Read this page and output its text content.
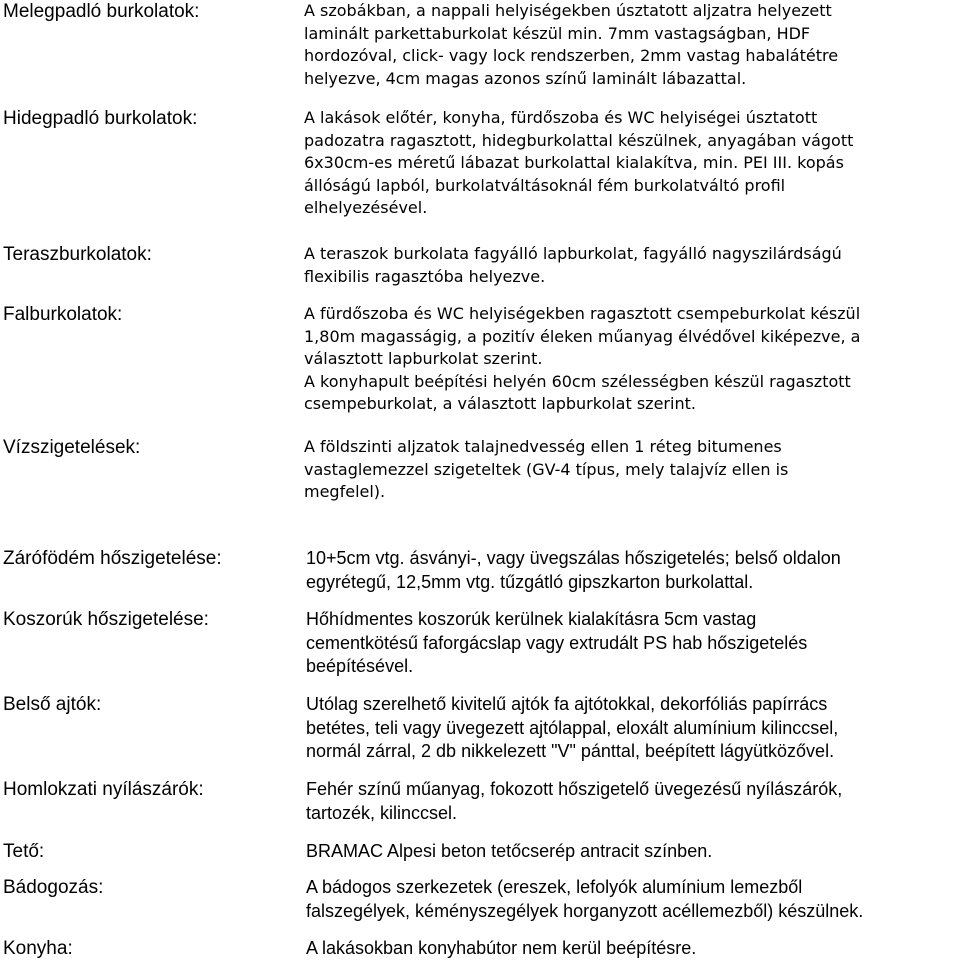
Melegpadló burkolatok:	A szobákban, a nappali helyiségekben úsztatott aljzatra helyezett
laminált parkettaburkolat készül min. 7mm vastagságban, HDF
hordozóval, click- vagy lock rendszerben, 2mm vastag habalátétre
helyezve, 4cm magas azonos színű laminált lábazattal.
Hidegpadló burkolatok:	A lakások előtér, konyha, fürdőszoba és WC helyiségei úsztatott
padozatra ragasztott, hidegburkolattal készülnek, anyagában vágott
6x30cm-es méretű lábazat burkolattal kialakítva, min. PEI III. kopás
állóságú lapból, burkolatváltásoknál fém burkolatváltó profil
elhelyezésével.
Teraszburkolatok:	A teraszok burkolata fagyálló lapburkolat, fagyálló nagyszilárdságú
flexibilis ragasztóba helyezve.
Falburkolatok:	A fürdőszoba és WC helyiségekben ragasztott csempeburkolat készül
1,80m magasságig, a pozitív éleken műanyag élvédővel kiképezve, a
választott lapburkolat szerint.
A konyhapult beépítési helyén 60cm szélességben készül ragasztott
csempeburkolat, a választott lapburkolat szerint.
Vízszigetelések:	A földszinti aljzatok talajnedvesség ellen 1 réteg bitumenes
vastaglemezzel szigeteltek (GV-4 típus, mely talajvíz ellen is
megfelel).
Zárófödém hőszigetelése:	10+5cm vtg. ásványi-, vagy üvegszálas hőszigetelés; belső oldalon
egyrétegű, 12,5mm vtg. tűzgátló gipszkarton burkolattal.
Koszorúk hőszigetelése:	Hőhídmentes koszorúk kerülnek kialakításra 5cm vastag
cementkötésű faforgácslap vagy extrudált PS hab hőszigetelés
beépítésével.
Belső ajtók:	Utólag szerelhető kivitelű ajtók fa ajtótokkal, dekorfóliás papírrács
betétes, teli vagy üvegezett ajtólappal, eloxált alumínium kilinccsel,
normál zárral, 2 db nikkelezett "V" pánttal, beépített lágyütközővel.
Homlokzati nyílászárók:	Fehér színű műanyag, fokozott hőszigetelő üvegezésű nyílászárók,
tartozék, kilinccsel.
Tető:	BRAMAC Alpesi beton tetőcserép antracit színben.
Bádogozás:	A bádogos szerkezetek (ereszek, lefolyók alumínium lemezből
falszegélyek, kéményszegélyek horganyzott acéllemezből) készülnek.
Konyha:	A lakásokban konyhabútor nem kerül beépítésre.
